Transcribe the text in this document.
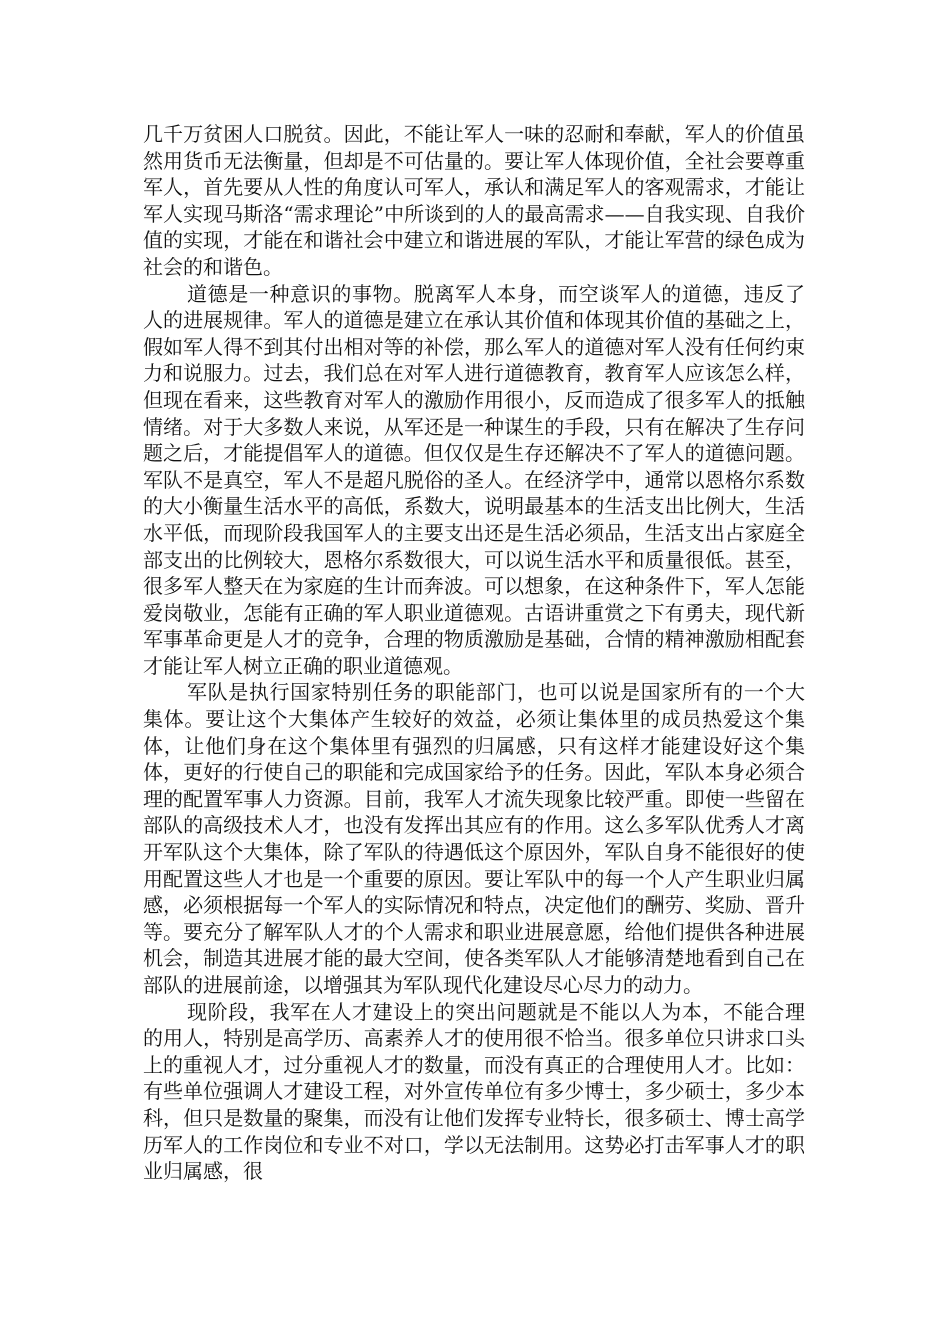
几千万贫困人口脱贫。因此，不能让军人一味的忍耐和奉献，军人的价值虽然用货币无法衡量，但却是不可估量的。要让军人体现价值，全社会要尊重军人，首先要从人性的角度认可军人，承认和满足军人的客观需求，才能让军人实现马斯洛“需求理论”中所谈到的人的最高需求——自我实现、自我价值的实现，才能在和谐社会中建立和谐进展的军队，才能让军营的绿色成为社会的和谐色。

道德是一种意识的事物。脱离军人本身，而空谈军人的道德，违反了人的进展规律。军人的道德是建立在承认其价值和体现其价值的基础之上，假如军人得不到其付出相对等的补偿，那么军人的道德对军人没有任何约束力和说服力。过去，我们总在对军人进行道德教育，教育军人应该怎么样，但现在看来，这些教育对军人的激励作用很小，反而造成了很多军人的抵触情绪。对于大多数人来说，从军还是一种谋生的手段，只有在解决了生存问题之后，才能提倡军人的道德。但仅仅是生存还解决不了军人的道德问题。军队不是真空，军人不是超凡脱俗的圣人。在经济学中，通常以恩格尔系数的大小衡量生活水平的高低，系数大，说明最基本的生活支出比例大，生活水平低，而现阶段我国军人的主要支出还是生活必须品，生活支出占家庭全部支出的比例较大，恩格尔系数很大，可以说生活水平和质量很低。甚至，很多军人整天在为家庭的生计而奔波。可以想象，在这种条件下，军人怎能爱岗敬业，怎能有正确的军人职业道德观。古语讲重赏之下有勇夫，现代新军事革命更是人才的竞争，合理的物质激励是基础，合情的精神激励相配套才能让军人树立正确的职业道德观。

军队是执行国家特别任务的职能部门，也可以说是国家所有的一个大集体。要让这个大集体产生较好的效益，必须让集体里的成员热爱这个集体，让他们身在这个集体里有强烈的归属感，只有这样才能建设好这个集体，更好的行使自己的职能和完成国家给予的任务。因此，军队本身必须合理的配置军事人力资源。目前，我军人才流失现象比较严重。即使一些留在部队的高级技术人才，也没有发挥出其应有的作用。这么多军队优秀人才离开军队这个大集体，除了军队的待遇低这个原因外，军队自身不能很好的使用配置这些人才也是一个重要的原因。要让军队中的每一个人产生职业归属感，必须根据每一个军人的实际情况和特点，决定他们的酬劳、奖励、晋升等。要充分了解军队人才的个人需求和职业进展意愿，给他们提供各种进展机会，制造其进展才能的最大空间，使各类军队人才能够清楚地看到自己在部队的进展前途，以增强其为军队现代化建设尽心尽力的动力。

现阶段，我军在人才建设上的突出问题就是不能以人为本，不能合理的用人，特别是高学历、高素养人才的使用很不恰当。很多单位只讲求口头上的重视人才，过分重视人才的数量，而没有真正的合理使用人才。比如：有些单位强调人才建设工程，对外宣传单位有多少博士，多少硕士，多少本科，但只是数量的聚集，而没有让他们发挥专业特长，很多硕士、博士高学历军人的工作岗位和专业不对口，学以无法制用。这势必打击军事人才的职业归属感，很
